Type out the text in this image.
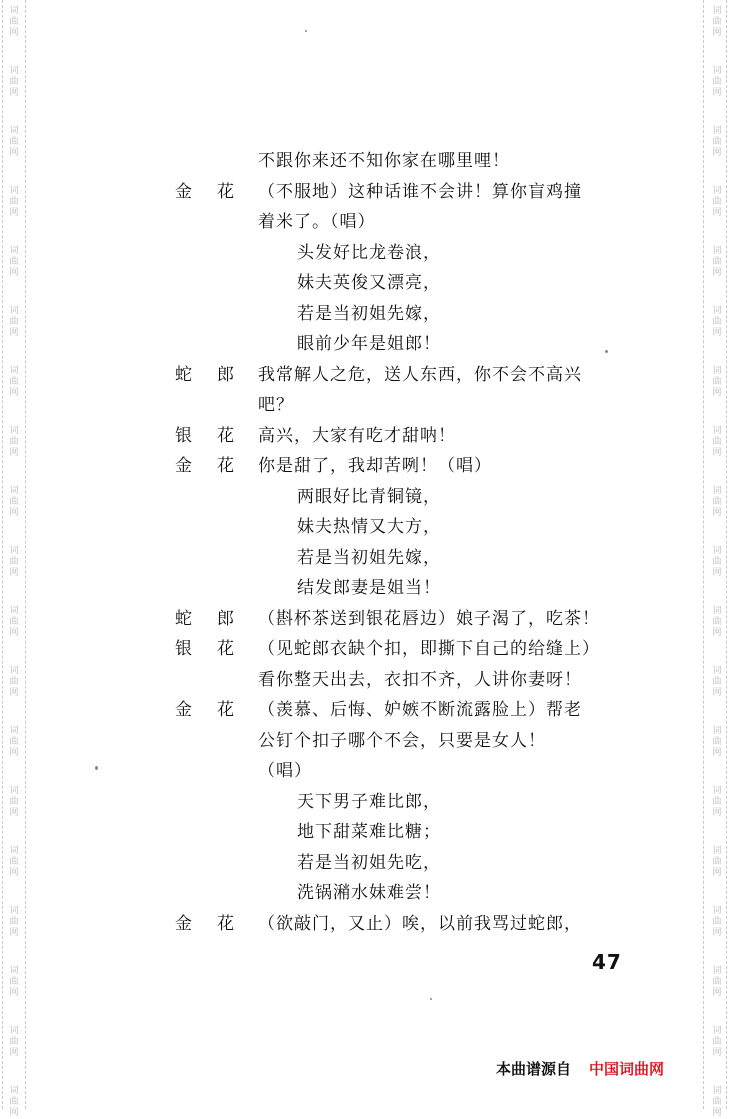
词
曲
网
词
曲
网
词
曲
网
词
曲
网
词
曲
网
词
曲
网
词
曲
网
词
曲
网
词
曲
网
词
曲
网
词
曲
网
词
曲
网
词
曲
网
词
曲
网
词
曲
网
词
曲
网
词
曲
网
词
曲
网
词
曲
网
词
曲
网
词
曲
网
词
曲
网
词
曲
网
词
曲
网
词
曲
网
词
曲
网
词
曲
网
词
曲
网
词
曲
网
词
曲
网
词
曲
网
词
曲
网
词
曲
网
词
曲
网
词
曲
网
词
曲
网
词
曲
网
词
曲
网
不跟你来还不知你家在哪里哩！
金 花	（不服地）这种话谁不会讲！算你盲鸡撞
着米了。（唱）
头发好比龙卷浪，
妹夫英俊又漂亮，
若是当初姐先嫁，
眼前少年是姐郎！
蛇 郎	我常解人之危，送人东西，你不会不高兴
吧？
银 花	高兴，大家有吃才甜呐！
金 花	你是甜了，我却苦咧！（唱）
两眼好比青铜镜，
妹夫热情又大方，
若是当初姐先嫁，
结发郎妻是姐当！
蛇 郎	（斟杯茶送到银花唇边）娘子渴了，吃茶！
银 花	（见蛇郎衣缺个扣，即撕下自己的给缝上）
看你整天出去，衣扣不齐，人讲你妻呀！
金 花	（羡慕、后悔、妒嫉不断流露脸上）帮老
公钉个扣子哪个不会，只要是女人！
（唱）
天下男子难比郎，
地下甜菜难比糖；
若是当初姐先吃，
洗锅潲水妹难尝！
金 花	（欲敲门，又止）唉，以前我骂过蛇郎，
47
本曲谱源自 中国词曲网
